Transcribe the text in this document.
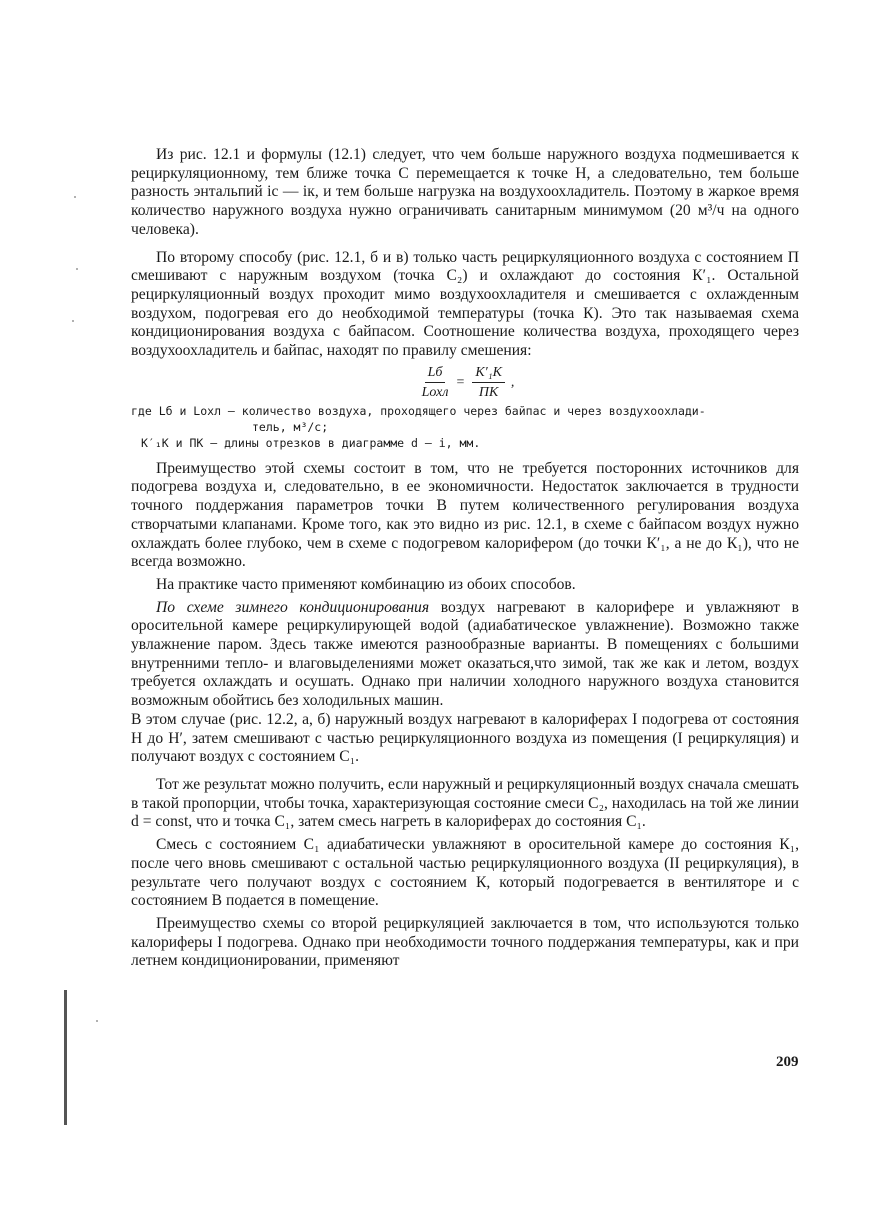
Из рис. 12.1 и формулы (12.1) следует, что чем больше наружного воздуха подмешивается к рециркуляционному, тем ближе точка С перемещается к точке Н, а следовательно, тем больше разность энтальпий iс — iк, и тем больше нагрузка на воздухоохладитель. Поэтому в жаркое время количество наружного воздуха нужно ограничивать санитарным минимумом (20 м³/ч на одного человека).

По второму способу (рис. 12.1, б и в) только часть рециркуляционного воздуха с состоянием П смешивают с наружным воздухом (точка С₂) и охлаждают до состояния К′₁. Остальной рециркуляционный воздух проходит мимо воздухоохладителя и смешивается с охлажденным воздухом, подогревая его до необходимой температуры (точка К). Это так называемая схема кондиционирования воздуха с байпасом. Соотношение количества воздуха, проходящего через воздухоохладитель и байпас, находят по правилу смешения:

$\frac{Lб}{\text{Lохл}} = \frac{\text{К′₁К}}{ПК}$ ,
где Lб и Lохл — количество воздуха, проходящего через байпас и через воздухоохлади-
тель, м³/с;
К′₁К и ПК — длины отрезков в диаграмме d — i, мм.

Преимущество этой схемы состоит в том, что не требуется посторонних источников для подогрева воздуха и, следовательно, в ее экономичности. Недостаток заключается в трудности точного поддержания параметров точки В путем количественного регулирования воздуха створчатыми клапанами. Кроме того, как это видно из рис. 12.1, в схеме с байпасом воздух нужно охлаждать более глубоко, чем в схеме с подогревом калорифером (до точки К′₁, а не до К₁), что не всегда возможно.

На практике часто применяют комбинацию из обоих способов.

По схеме зимнего кондиционирования воздух нагревают в калорифере и увлажняют в оросительной камере рециркулирующей водой (адиабатическое увлажнение). Возможно также увлажнение паром. Здесь также имеются разнообразные варианты. В помещениях с большими внутренними тепло- и влаговыделениями может оказаться,что зимой, так же как и летом, воздух требуется охлаждать и осушать. Однако при наличии холодного наружного воздуха становится возможным обойтись без холодильных машин.

В этом случае (рис. 12.2, а, б) наружный воздух нагревают в калориферах I подогрева от состояния Н до Н′, затем смешивают с частью рециркуляционного воздуха из помещения (I рециркуляция) и получают воздух с состоянием С₁.

Тот же результат можно получить, если наружный и рециркуляционный воздух сначала смешать в такой пропорции, чтобы точка, характеризующая состояние смеси С₂, находилась на той же линии d = const, что и точка С₁, затем смесь нагреть в калориферах до состояния С₁.

Смесь с состоянием С₁ адиабатически увлажняют в оросительной камере до состояния К₁, после чего вновь смешивают с остальной частью рециркуляционного воздуха (II рециркуляция), в результате чего получают воздух с состоянием К, который подогревается в вентиляторе и с состоянием В подается в помещение.

Преимущество схемы со второй рециркуляцией заключается в том, что используются только калориферы I подогрева. Однако при необходимости точного поддержания температуры, как и при летнем кондиционировании, применяют

209
